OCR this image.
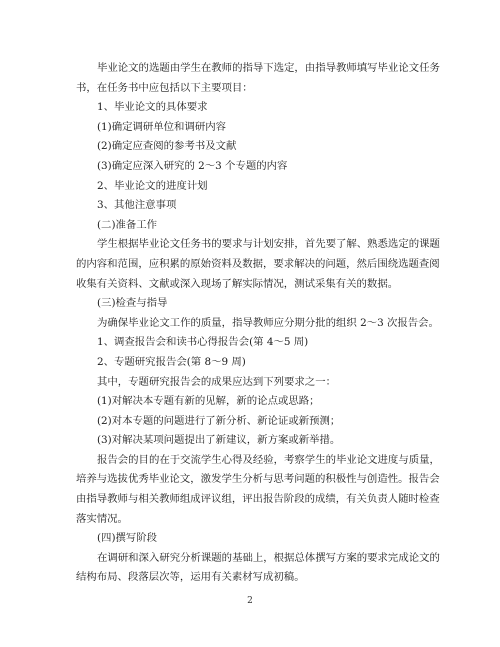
毕业论文的选题由学生在教师的指导下选定，由指导教师填写毕业论文任务
书，在任务书中应包括以下主要项目：

1、毕业论文的具体要求

(1)确定调研单位和调研内容

(2)确定应查阅的参考书及文献

(3)确定应深入研究的 2～3 个专题的内容

2、毕业论文的进度计划

3、其他注意事项

(二)准备工作

学生根据毕业论文任务书的要求与计划安排，首先要了解、熟悉选定的课题
的内容和范围，应积累的原始资料及数据，要求解决的问题，然后围绕选题查阅
收集有关资料、文献或深入现场了解实际情况，测试采集有关的数据。

(三)检查与指导

为确保毕业论文工作的质量，指导教师应分期分批的组织 2～3 次报告会。

1、调查报告会和读书心得报告会(第 4～5 周)

2、专题研究报告会(第 8～9 周)

其中，专题研究报告会的成果应达到下列要求之一：

(1)对解决本专题有新的见解，新的论点或思路；

(2)对本专题的问题进行了新分析、新论证或新预测；

(3)对解决某项问题提出了新建议，新方案或新举措。

报告会的目的在于交流学生心得及经验，考察学生的毕业论文进度与质量，
培养与选拔优秀毕业论文，激发学生分析与思考问题的积极性与创造性。报告会
由指导教师与相关教师组成评议组，评出报告阶段的成绩，有关负责人随时检查
落实情况。

(四)撰写阶段

在调研和深入研究分析课题的基础上，根据总体撰写方案的要求完成论文的
结构布局、段落层次等，运用有关素材写成初稿。

2
